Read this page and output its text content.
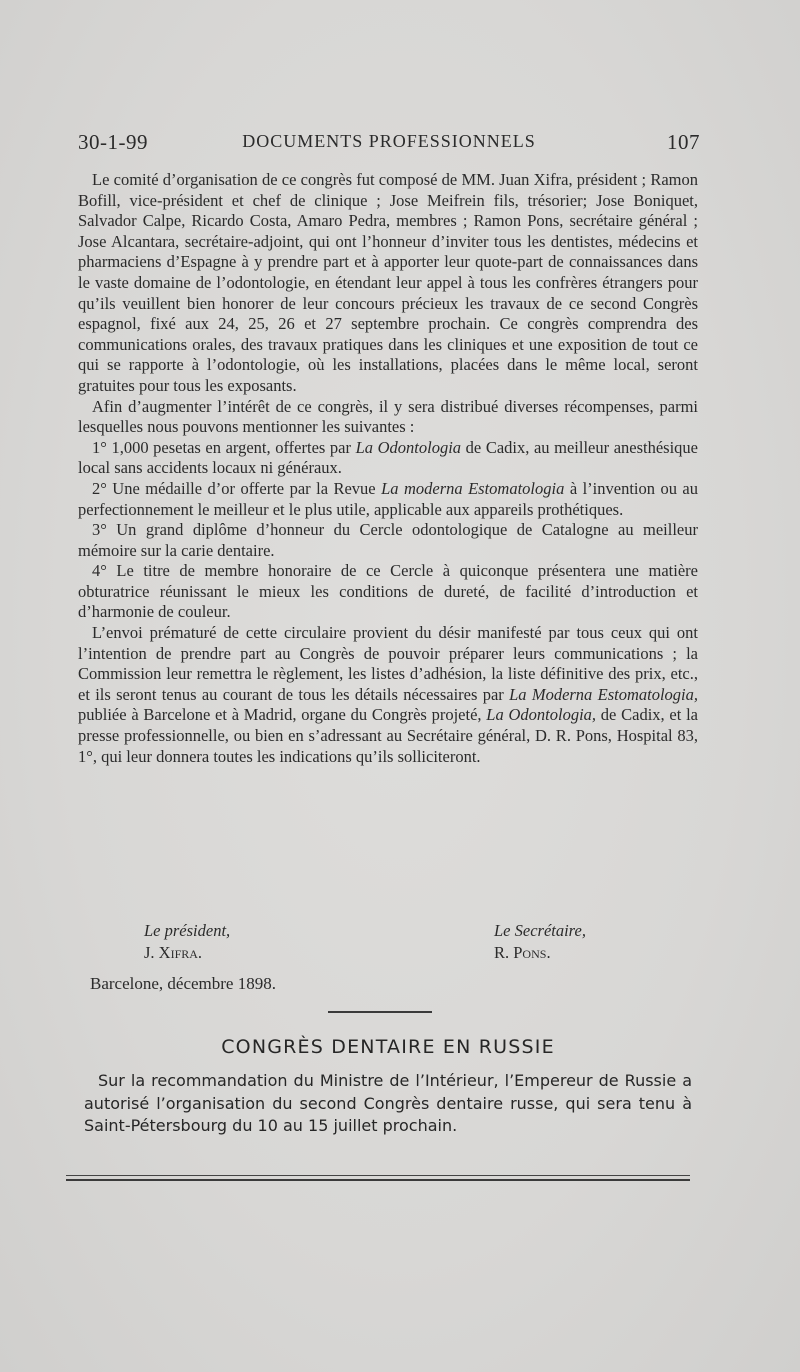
30-1-99	DOCUMENTS PROFESSIONNELS	107

Le comité d’organisation de ce congrès fut composé de MM. Juan Xifra, président ; Ramon Bofill, vice-président et chef de clinique ; Jose Meifrein fils, trésorier; Jose Boniquet, Salvador Calpe, Ricardo Costa, Amaro Pedra, membres ; Ramon Pons, secrétaire général ; Jose Alcantara, secrétaire-adjoint, qui ont l’honneur d’inviter tous les dentistes, médecins et pharmaciens d’Espagne à y prendre part et à apporter leur quote-part de connaissances dans le vaste domaine de l’odontologie, en étendant leur appel à tous les confrères étrangers pour qu’ils veuillent bien honorer de leur concours précieux les travaux de ce second Congrès espagnol, fixé aux 24, 25, 26 et 27 septembre prochain. Ce congrès comprendra des communications orales, des travaux pratiques dans les cliniques et une exposition de tout ce qui se rapporte à l’odontologie, où les installations, placées dans le même local, seront gratuites pour tous les exposants.

Afin d’augmenter l’intérêt de ce congrès, il y sera distribué diverses récompenses, parmi lesquelles nous pouvons mentionner les suivantes :

1° 1,000 pesetas en argent, offertes par La Odontologia de Cadix, au meilleur anesthésique local sans accidents locaux ni généraux.

2° Une médaille d’or offerte par la Revue La moderna Estomatologia à l’invention ou au perfectionnement le meilleur et le plus utile, applicable aux appareils prothétiques.

3° Un grand diplôme d’honneur du Cercle odontologique de Catalogne au meilleur mémoire sur la carie dentaire.

4° Le titre de membre honoraire de ce Cercle à quiconque présentera une matière obturatrice réunissant le mieux les conditions de dureté, de facilité d’introduction et d’harmonie de couleur.

L’envoi prématuré de cette circulaire provient du désir manifesté par tous ceux qui ont l’intention de prendre part au Congrès de pouvoir préparer leurs communications ; la Commission leur remettra le règlement, les listes d’adhésion, la liste définitive des prix, etc., et ils seront tenus au courant de tous les détails nécessaires par La Moderna Estomatologia, publiée à Barcelone et à Madrid, organe du Congrès projeté, La Odontologia, de Cadix, et la presse professionnelle, ou bien en s’adressant au Secrétaire général, D. R. Pons, Hospital 83, 1°, qui leur donnera toutes les indications qu’ils solliciteront.

Le président,
J. Xifra.
Le Secrétaire,
R. Pons.
Barcelone, décembre 1898.
CONGRÈS DENTAIRE EN RUSSIE

Sur la recommandation du Ministre de l’Intérieur, l’Empereur de Russie a autorisé l’organisation du second Congrès dentaire russe, qui sera tenu à Saint-Pétersbourg du 10 au 15 juillet prochain.
